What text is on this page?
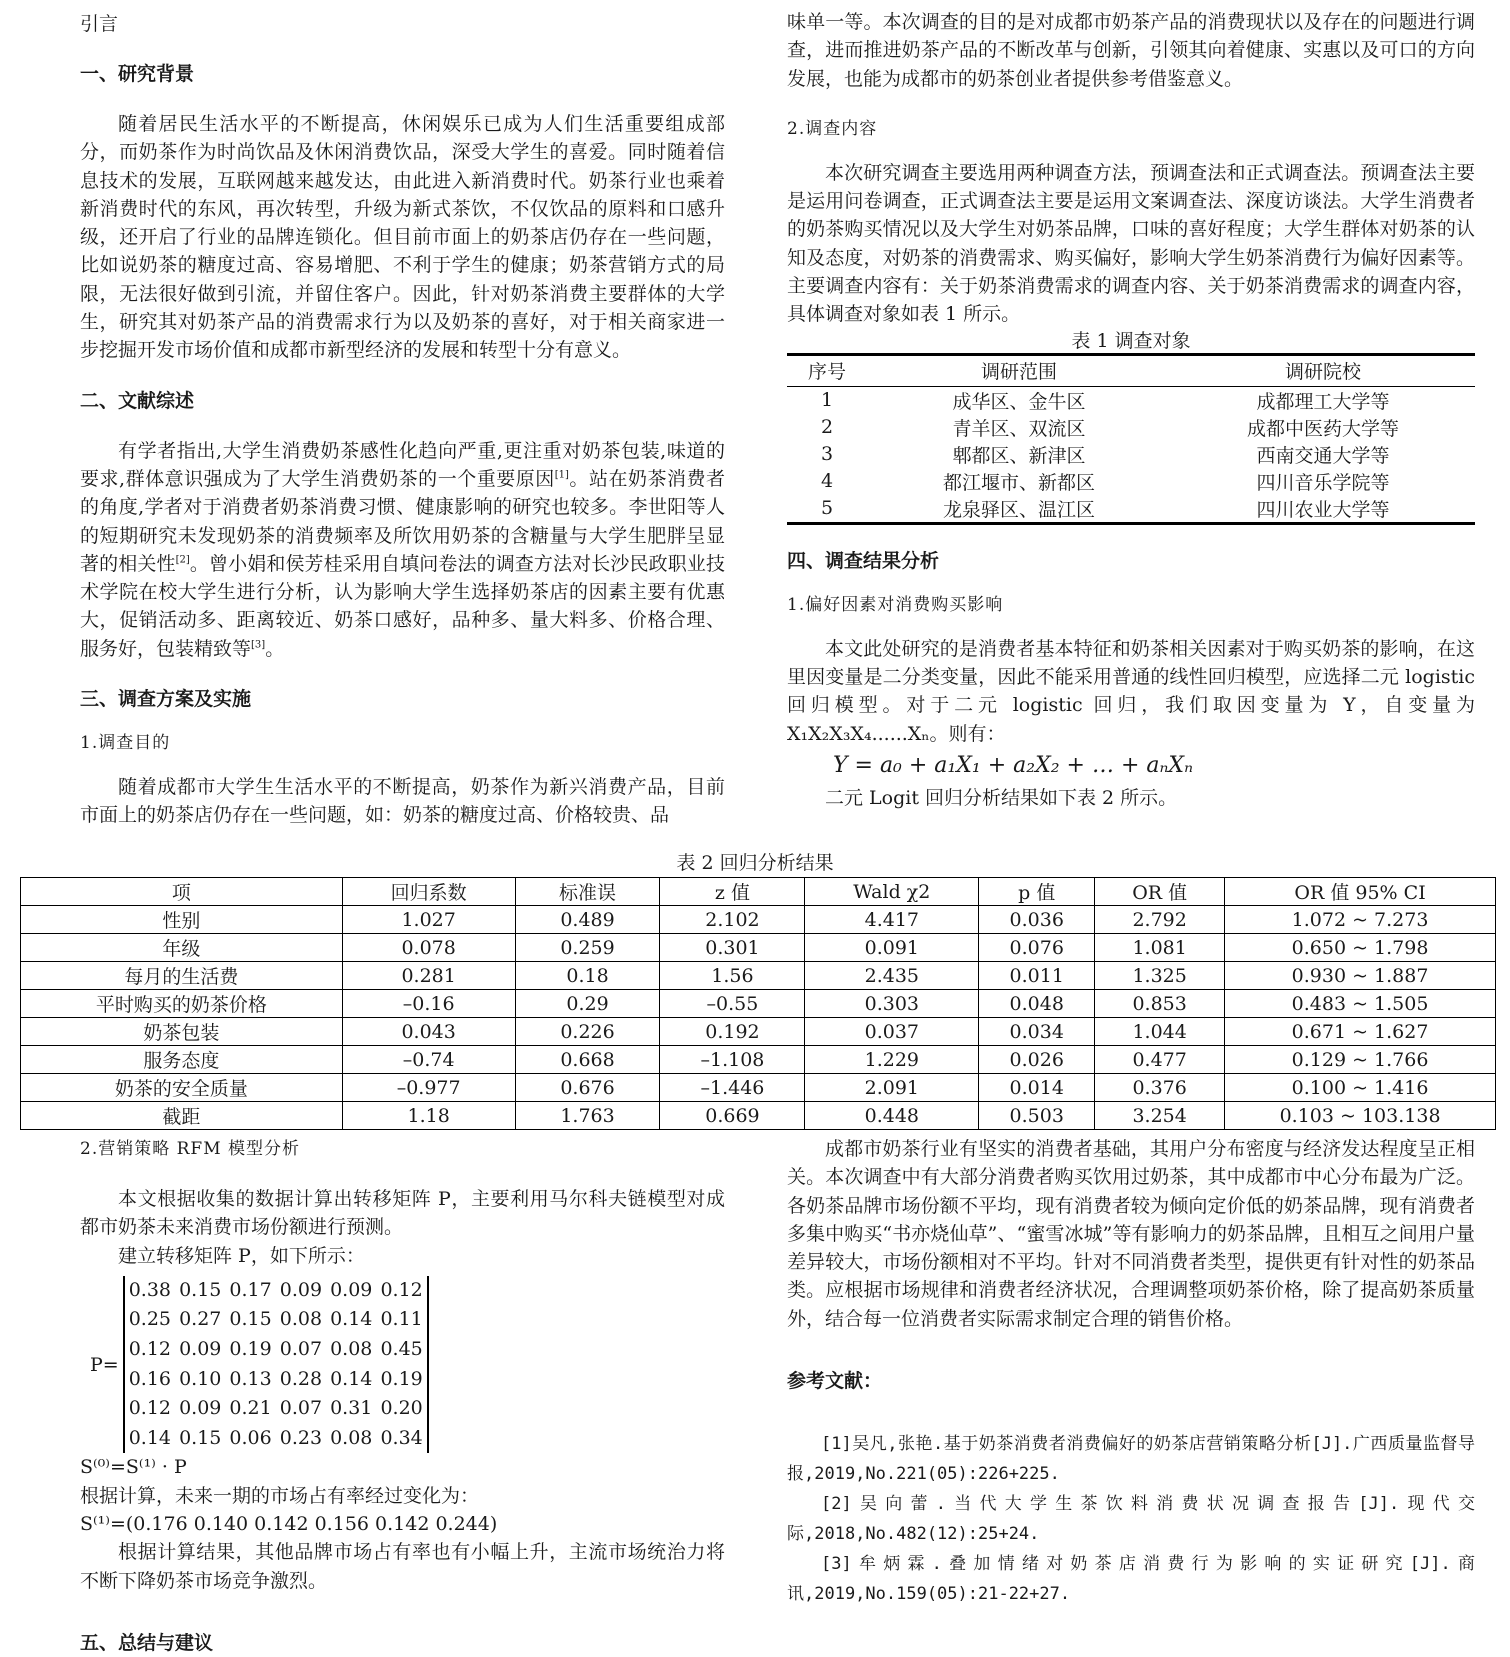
引言
一、研究背景

随着居民生活水平的不断提高，休闲娱乐已成为人们生活重要组成部分，而奶茶作为时尚饮品及休闲消费饮品，深受大学生的喜爱。同时随着信息技术的发展，互联网越来越发达，由此进入新消费时代。奶茶行业也乘着新消费时代的东风，再次转型，升级为新式茶饮，不仅饮品的原料和口感升级，还开启了行业的品牌连锁化。但目前市面上的奶茶店仍存在一些问题，比如说奶茶的糖度过高、容易增肥、不利于学生的健康；奶茶营销方式的局限，无法很好做到引流，并留住客户。因此，针对奶茶消费主要群体的大学生，研究其对奶茶产品的消费需求行为以及奶茶的喜好，对于相关商家进一步挖掘开发市场价值和成都市新型经济的发展和转型十分有意义。

二、文献综述

有学者指出,大学生消费奶茶感性化趋向严重,更注重对奶茶包装,味道的要求,群体意识强成为了大学生消费奶茶的一个重要原因[1]。站在奶茶消费者的角度,学者对于消费者奶茶消费习惯、健康影响的研究也较多。李世阳等人的短期研究未发现奶茶的消费频率及所饮用奶茶的含糖量与大学生肥胖呈显著的相关性[2]。曾小娟和侯芳桂采用自填问卷法的调查方法对长沙民政职业技术学院在校大学生进行分析，认为影响大学生选择奶茶店的因素主要有优惠大，促销活动多、距离较近、奶茶口感好，品种多、量大料多、价格合理、服务好，包装精致等[3]。

三、调查方案及实施
1.调查目的

随着成都市大学生生活水平的不断提高，奶茶作为新兴消费产品，目前市面上的奶茶店仍存在一些问题，如：奶茶的糖度过高、价格较贵、品

味单一等。本次调查的目的是对成都市奶茶产品的消费现状以及存在的问题进行调查，进而推进奶茶产品的不断改革与创新，引领其向着健康、实惠以及可口的方向发展，也能为成都市的奶茶创业者提供参考借鉴意义。

2.调查内容

本次研究调查主要选用两种调查方法，预调查法和正式调查法。预调查法主要是运用问卷调查，正式调查法主要是运用文案调查法、深度访谈法。大学生消费者的奶茶购买情况以及大学生对奶茶品牌，口味的喜好程度；大学生群体对奶茶的认知及态度，对奶茶的消费需求、购买偏好，影响大学生奶茶消费行为偏好因素等。主要调查内容有：关于奶茶消费需求的调查内容、关于奶茶消费需求的调查内容，具体调查对象如表 1 所示。

表 1 调查对象
序号	调研范围	调研院校
1	成华区、金牛区	成都理工大学等
2	青羊区、双流区	成都中医药大学等
3	郫都区、新津区	西南交通大学等
4	都江堰市、新都区	四川音乐学院等
5	龙泉驿区、温江区	四川农业大学等
四、调查结果分析
1.偏好因素对消费购买影响

本文此处研究的是消费者基本特征和奶茶相关因素对于购买奶茶的影响，在这里因变量是二分类变量，因此不能采用普通的线性回归模型，应选择二元 logistic 回归模型。对于二元 logistic 回归，我们取因变量为 Y，自变量为 X₁X₂X₃X₄......Xₙ。则有：

Y = a₀ + a₁X₁ + a₂X₂ + … + aₙXₙ

二元 Logit 回归分析结果如下表 2 所示。

表 2 回归分析结果
项	回归系数	标准误	z 值	Wald χ2	p 值	OR 值	OR 值 95% CI
性别	1.027	0.489	2.102	4.417	0.036	2.792	1.072 ~ 7.273
年级	0.078	0.259	0.301	0.091	0.076	1.081	0.650 ~ 1.798
每月的生活费	0.281	0.18	1.56	2.435	0.011	1.325	0.930 ~ 1.887
平时购买的奶茶价格	–0.16	0.29	–0.55	0.303	0.048	0.853	0.483 ~ 1.505
奶茶包装	0.043	0.226	0.192	0.037	0.034	1.044	0.671 ~ 1.627
服务态度	–0.74	0.668	–1.108	1.229	0.026	0.477	0.129 ~ 1.766
奶茶的安全质量	–0.977	0.676	–1.446	2.091	0.014	0.376	0.100 ~ 1.416
截距	1.18	1.763	0.669	0.448	0.503	3.254	0.103 ~ 103.138
2.营销策略 RFM 模型分析

本文根据收集的数据计算出转移矩阵 P，主要利用马尔科夫链模型对成都市奶茶未来消费市场份额进行预测。

建立转移矩阵 P，如下所示：

P=
0.38 0.15 0.17 0.09 0.09 0.12
0.25 0.27 0.15 0.08 0.14 0.11
0.12 0.09 0.19 0.07 0.08 0.45
0.16 0.10 0.13 0.28 0.14 0.19
0.12 0.09 0.21 0.07 0.31 0.20
0.14 0.15 0.06 0.23 0.08 0.34

S⁽⁰⁾=S⁽¹⁾ · P

根据计算，未来一期的市场占有率经过变化为：

S⁽¹⁾=(0.176 0.140 0.142 0.156 0.142 0.244)

根据计算结果，其他品牌市场占有率也有小幅上升，主流市场统治力将不断下降奶茶市场竞争激烈。

五、总结与建议

成都市奶茶行业有坚实的消费者基础，其用户分布密度与经济发达程度呈正相关。本次调查中有大部分消费者购买饮用过奶茶，其中成都市中心分布最为广泛。各奶茶品牌市场份额不平均，现有消费者较为倾向定价低的奶茶品牌，现有消费者多集中购买“书亦烧仙草”、“蜜雪冰城”等有影响力的奶茶品牌，且相互之间用户量差异较大，市场份额相对不平均。针对不同消费者类型，提供更有针对性的奶茶品类。应根据市场规律和消费者经济状况，合理调整项奶茶价格，除了提高奶茶质量外，结合每一位消费者实际需求制定合理的销售价格。

参考文献：

[1]吴凡,张艳.基于奶茶消费者消费偏好的奶茶店营销策略分析[J].广西质量监督导报,2019,No.221(05):226+225.

[2]吴向蕾.当代大学生茶饮料消费状况调查报告[J].现代交际,2018,No.482(12):25+24.

[3]牟炳霖.叠加情绪对奶茶店消费行为影响的实证研究[J].商讯,2019,No.159(05):21-22+27.
